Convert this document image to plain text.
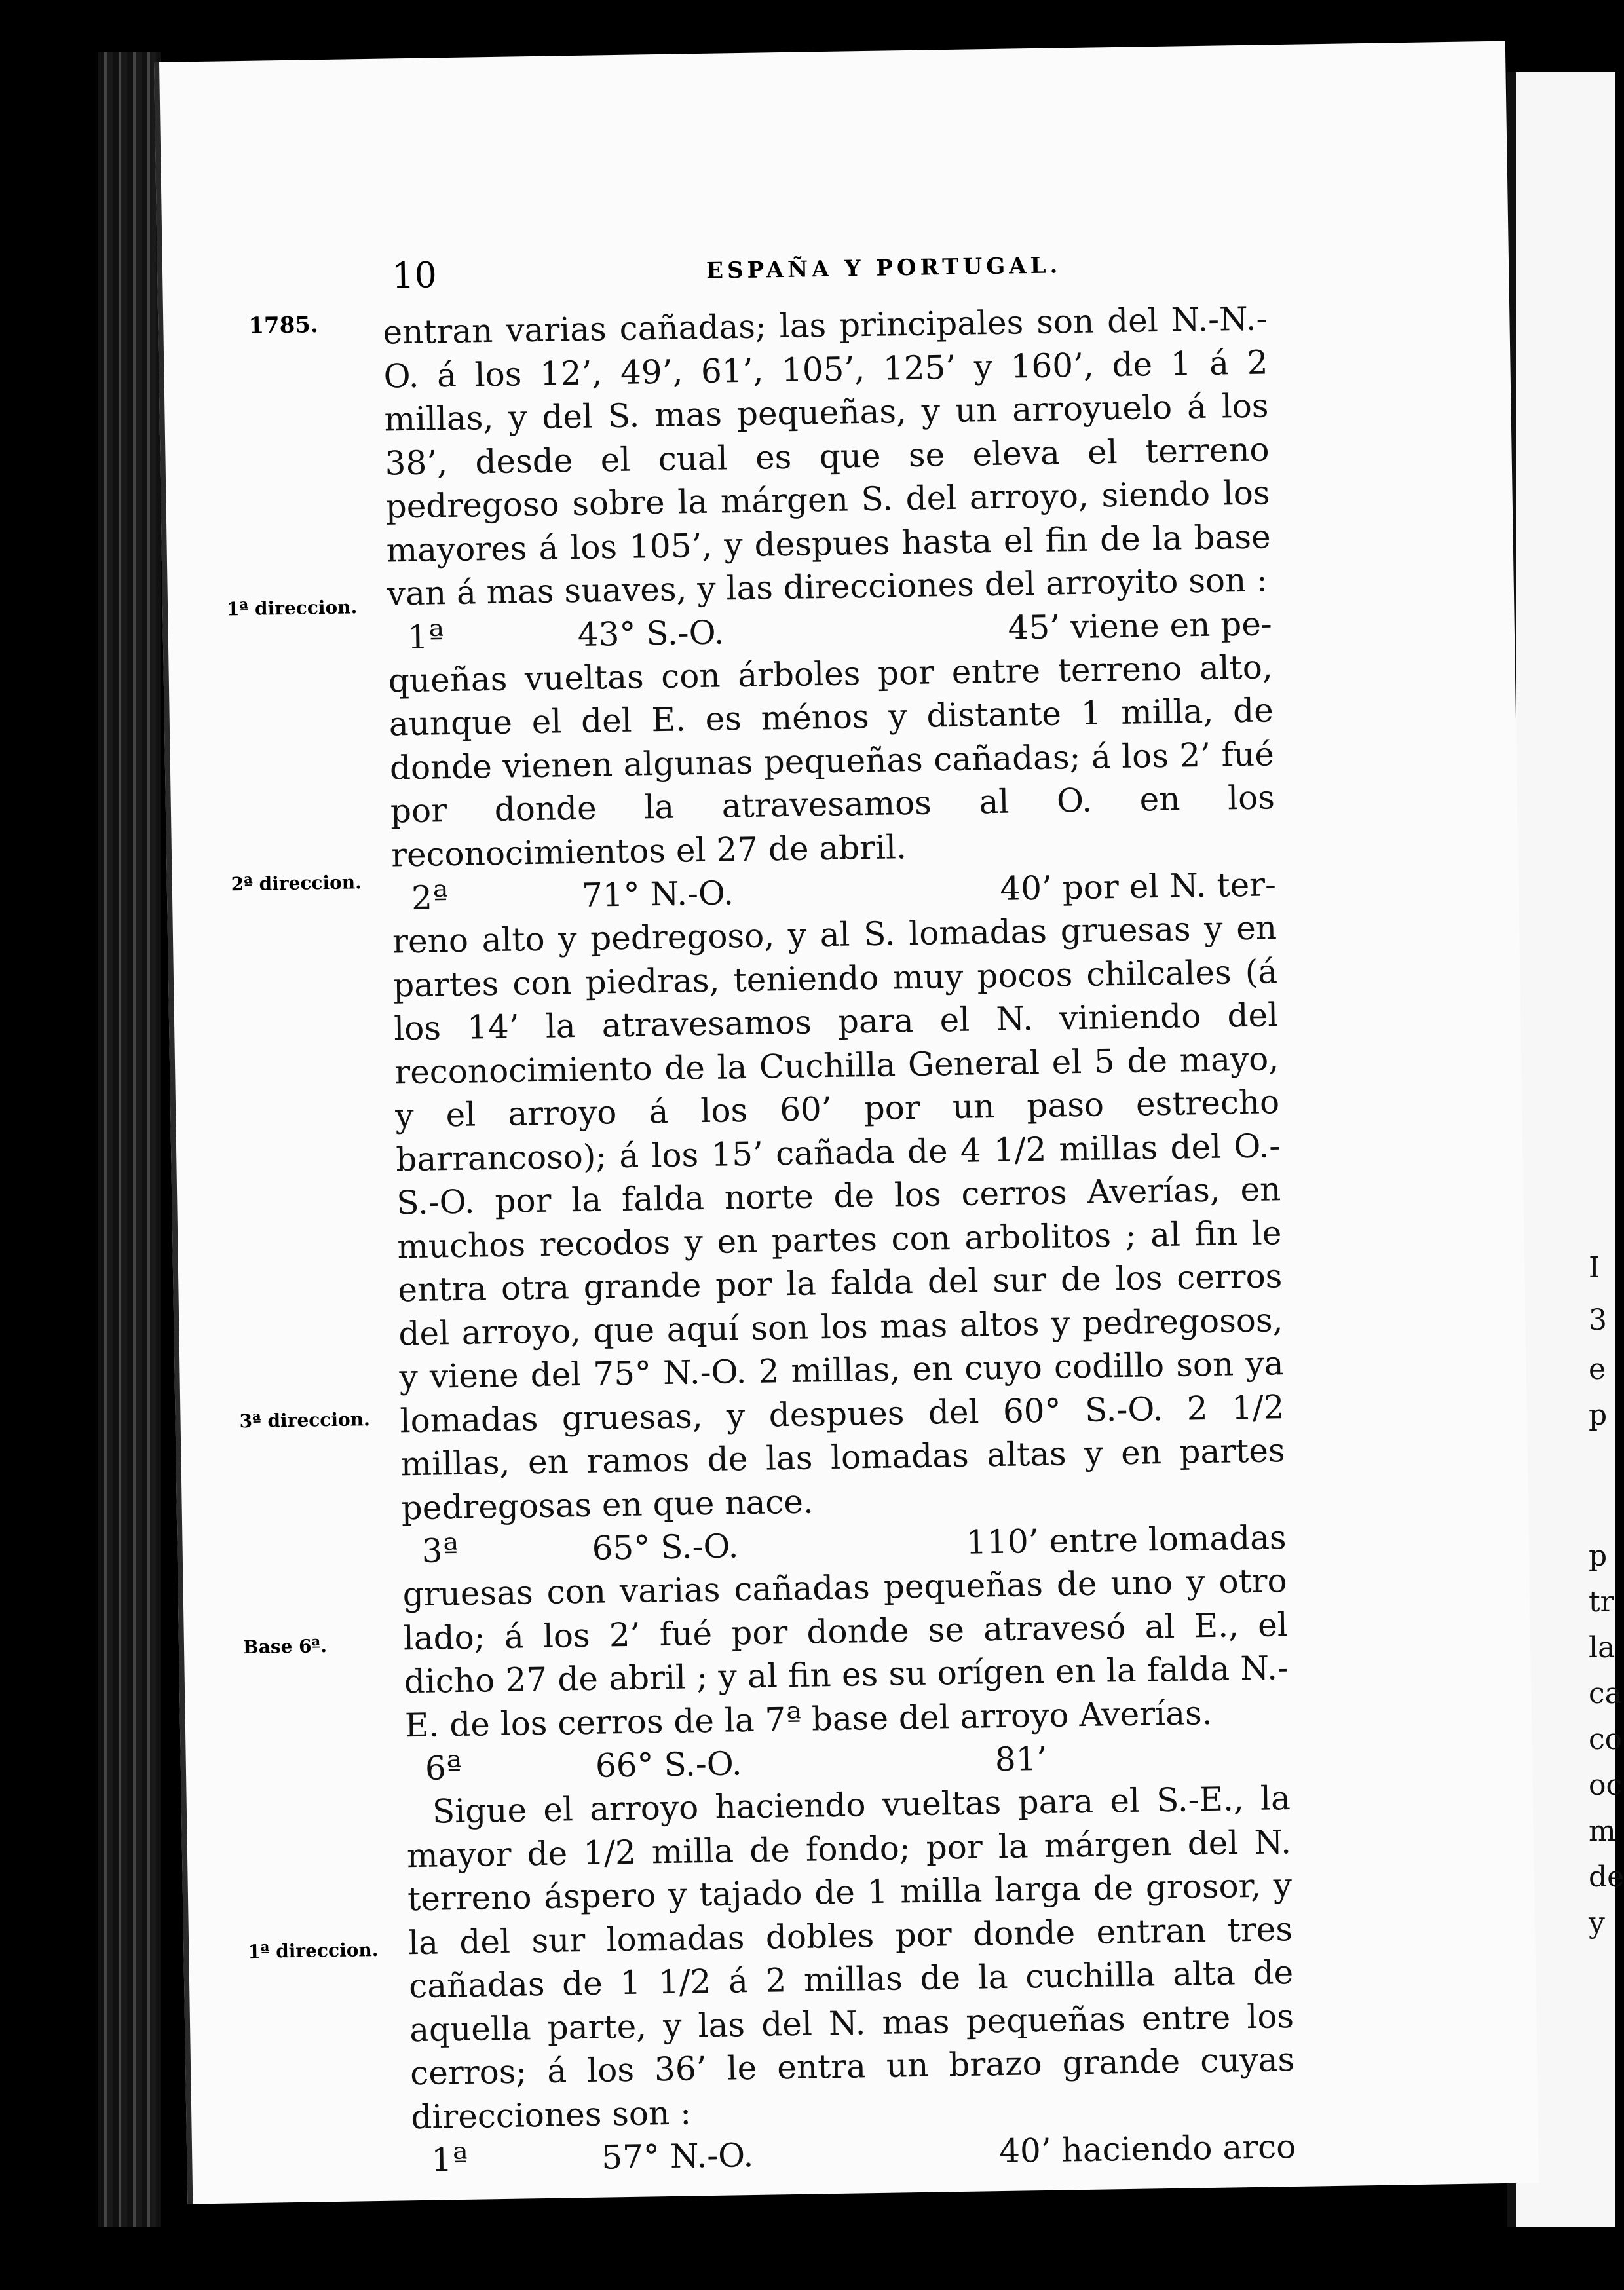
I
3
e
p
p
tr
la
ca
co
oc
m
de
y
10	ESPAÑA Y PORTUGAL.
1785.
1ª direccion.
2ª direccion.
3ª direccion.
Base 6ª.
1ª direccion.

entran varias cañadas; las principales son del N.-N.-O. á los 12’, 49’, 61’, 105’, 125’ y 160’, de 1 á 2 millas, y del S. mas pequeñas, y un arroyuelo á los 38’, desde el cual es que se eleva el terreno pedregoso sobre la márgen S. del arroyo, siendo los mayores á los 105’, y despues hasta el fin de la base van á mas suaves, y las direcciones del arroyito son :

1ª	43° S.-O.	45’ viene en pe-

queñas vueltas con árboles por entre terreno alto, aunque el del E. es ménos y distante 1 milla, de donde vienen algunas pequeñas cañadas; á los 2’ fué por donde la atravesamos al O. en los reconocimientos el 27 de abril.

2ª	71° N.-O.	40’ por el N. ter-

reno alto y pedregoso, y al S. lomadas gruesas y en partes con piedras, teniendo muy pocos chilcales (á los 14’ la atravesamos para el N. viniendo del reconocimiento de la Cuchilla General el 5 de mayo, y el arroyo á los 60’ por un paso estrecho barrancoso); á los 15’ cañada de 4 1/2 millas del O.-S.-O. por la falda norte de los cerros Averías, en muchos recodos y en partes con arbolitos ; al fin le entra otra grande por la falda del sur de los cerros del arroyo, que aquí son los mas altos y pedregosos, y viene del 75° N.-O. 2 millas, en cuyo codillo son ya lomadas gruesas, y despues del 60° S.-O. 2 1/2 millas, en ramos de las lomadas altas y en partes pedregosas en que nace.

3ª	65° S.-O.	110’ entre lomadas

gruesas con varias cañadas pequeñas de uno y otro lado; á los 2’ fué por donde se atravesó al E., el dicho 27 de abril ; y al fin es su orígen en la falda N.-E. de los cerros de la 7ª base del arroyo Averías.

6ª	66° S.-O.	81’

Sigue el arroyo haciendo vueltas para el S.-E., la mayor de 1/2 milla de fondo; por la márgen del N. terreno áspero y tajado de 1 milla larga de grosor, y la del sur lomadas dobles por donde entran tres cañadas de 1 1/2 á 2 millas de la cuchilla alta de aquella parte, y las del N. mas pequeñas entre los cerros; á los 36’ le entra un brazo grande cuyas direcciones son :

1ª	57° N.-O.	40’ haciendo arco
